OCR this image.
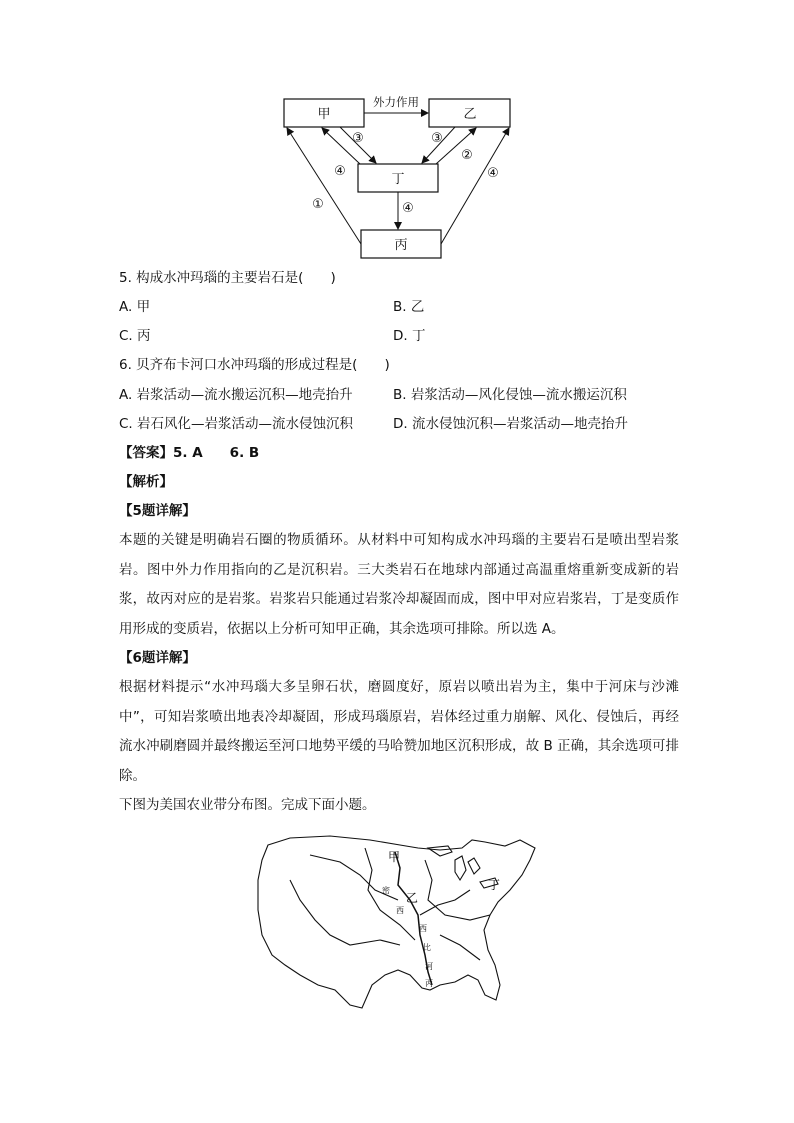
甲	乙
丁
丙
外力作用
③	③
④
②
④
①	④
5. 构成水冲玛瑙的主要岩石是(　　)
A. 甲	B. 乙
C. 丙	D. 丁
6. 贝齐布卡河口水冲玛瑙的形成过程是(　　)
A. 岩浆活动—流水搬运沉积—地壳抬升	B. 岩浆活动—风化侵蚀—流水搬运沉积
C. 岩石风化—岩浆活动—流水侵蚀沉积	D. 流水侵蚀沉积—岩浆活动—地壳抬升
【答案】5. A　　6. B
【解析】
【5题详解】
本题的关键是明确岩石圈的物质循环。从材料中可知构成水冲玛瑙的主要岩石是喷出型岩浆岩。图中外力作用指向的乙是沉积岩。三大类岩石在地球内部通过高温重熔重新变成新的岩浆，故丙对应的是岩浆。岩浆岩只能通过岩浆冷却凝固而成，图中甲对应岩浆岩，丁是变质作用形成的变质岩，依据以上分析可知甲正确，其余选项可排除。所以选 A。
【6题详解】
根据材料提示“水冲玛瑙大多呈卵石状，磨圆度好，原岩以喷出岩为主，集中于河床与沙滩中”，可知岩浆喷出地表冷却凝固，形成玛瑙原岩，岩体经过重力崩解、风化、侵蚀后，再经流水冲刷磨圆并最终搬运至河口地势平缓的马哈赞加地区沉积形成，故 B 正确，其余选项可排除。
下图为美国农业带分布图。完成下面小题。
甲
乙
丁
丙
密
西
西
比
河
